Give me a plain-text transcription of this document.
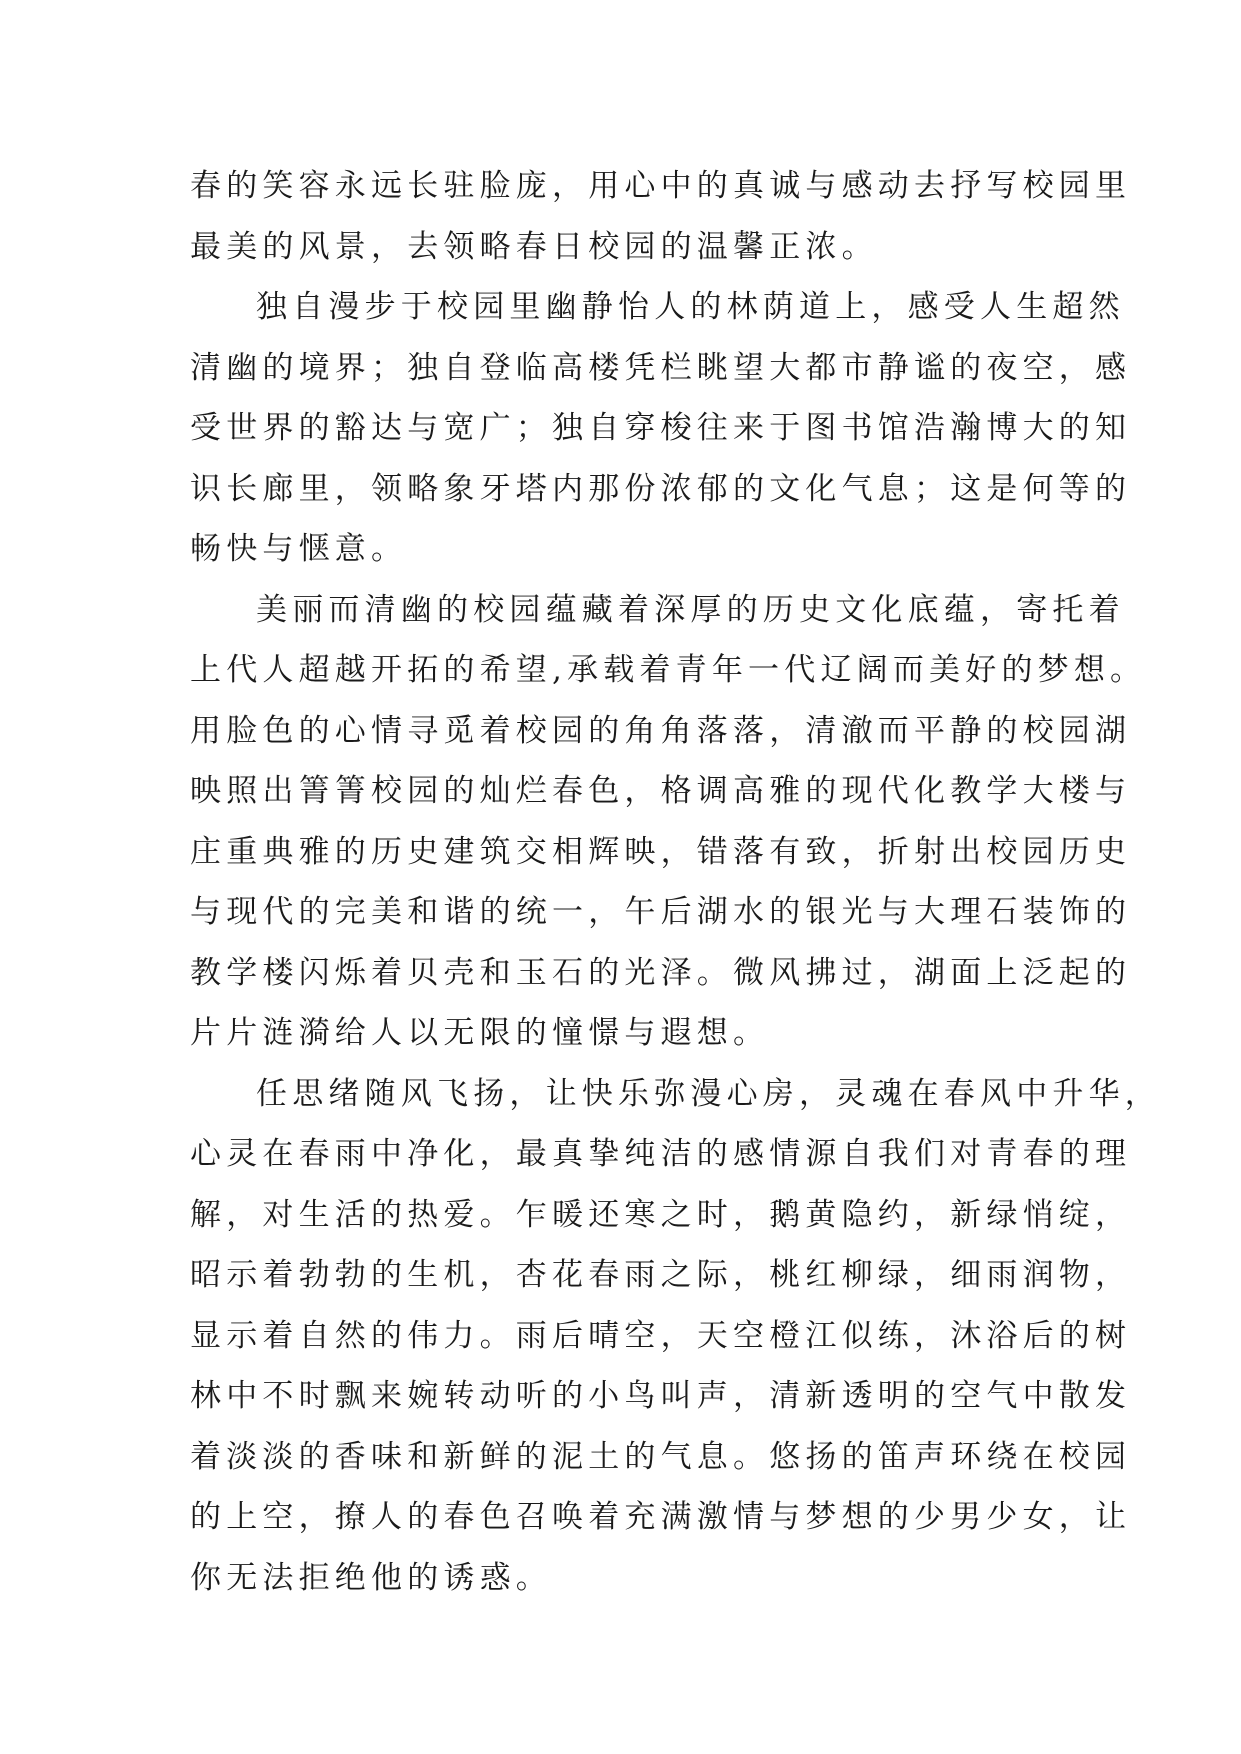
春的笑容永远长驻脸庞，用心中的真诚与感动去抒写校园里
最美的风景，去领略春日校园的温馨正浓。
独自漫步于校园里幽静怡人的林荫道上，感受人生超然
清幽的境界；独自登临高楼凭栏眺望大都市静谧的夜空，感
受世界的豁达与宽广；独自穿梭往来于图书馆浩瀚博大的知
识长廊里，领略象牙塔内那份浓郁的文化气息；这是何等的
畅快与惬意。
美丽而清幽的校园蕴藏着深厚的历史文化底蕴，寄托着
上代人超越开拓的希望,承载着青年一代辽阔而美好的梦想。
用脸色的心情寻觅着校园的角角落落，清澈而平静的校园湖
映照出箐箐校园的灿烂春色，格调高雅的现代化教学大楼与
庄重典雅的历史建筑交相辉映，错落有致，折射出校园历史
与现代的完美和谐的统一，午后湖水的银光与大理石装饰的
教学楼闪烁着贝壳和玉石的光泽。微风拂过，湖面上泛起的
片片涟漪给人以无限的憧憬与遐想。
任思绪随风飞扬，让快乐弥漫心房，灵魂在春风中升华，
心灵在春雨中净化，最真挚纯洁的感情源自我们对青春的理
解，对生活的热爱。乍暖还寒之时，鹅黄隐约，新绿悄绽，
昭示着勃勃的生机，杏花春雨之际，桃红柳绿，细雨润物，
显示着自然的伟力。雨后晴空，天空橙江似练，沐浴后的树
林中不时飘来婉转动听的小鸟叫声，清新透明的空气中散发
着淡淡的香味和新鲜的泥土的气息。悠扬的笛声环绕在校园
的上空，撩人的春色召唤着充满激情与梦想的少男少女，让
你无法拒绝他的诱惑。
